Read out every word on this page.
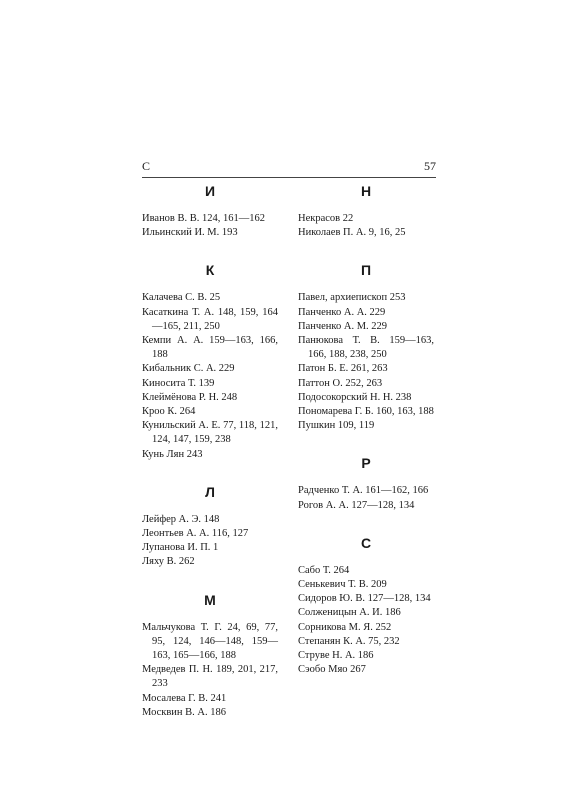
С	57
И
Иванов В. В. 124, 161—162
Ильинский И. М. 193
К
Калачева С. В. 25
Касаткина Т. А. 148, 159, 164—165, 211, 250
Кемпи А. А. 159—163, 166, 188
Кибальник С. А. 229
Киносита Т. 139
Клеймёнова Р. Н. 248
Кроо К. 264
Кунильский А. Е. 77, 118, 121, 124, 147, 159, 238
Кунь Лян 243
Л
Лейфер А. Э. 148
Леонтьев А. А. 116, 127
Лупанова И. П. 1
Ляху В. 262
М
Мальчукова Т. Г. 24, 69, 77, 95, 124, 146—148, 159—163, 165—166, 188
Медведев П. Н. 189, 201, 217, 233
Мосалева Г. В. 241
Москвин В. А. 186
Н
Некрасов 22
Николаев П. А. 9, 16, 25
П
Павел, архиепископ 253
Панченко А. А. 229
Панченко А. М. 229
Панюкова Т. В. 159—163, 166, 188, 238, 250
Патон Б. Е. 261, 263
Паттон О. 252, 263
Подосокорский Н. Н. 238
Пономарева Г. Б. 160, 163, 188
Пушкин 109, 119
Р
Радченко Т. А. 161—162, 166
Рогов А. А. 127—128, 134
С
Сабо Т. 264
Сенькевич Т. В. 209
Сидоров Ю. В. 127—128, 134
Солженицын А. И. 186
Сорникова М. Я. 252
Степанян К. А. 75, 232
Струве Н. А. 186
Сэобо Мяо 267
